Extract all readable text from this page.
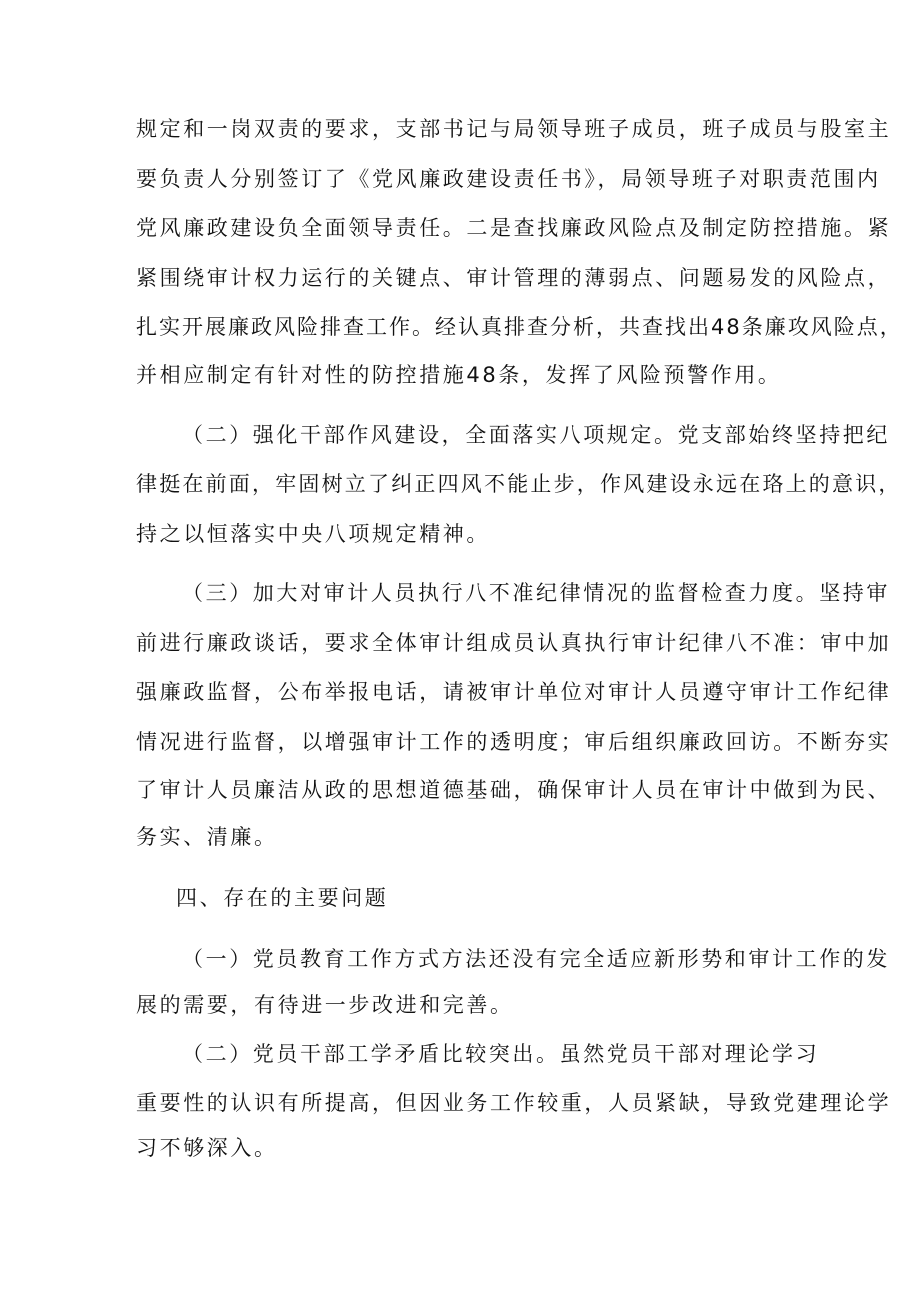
规定和一岗双责的要求，支部书记与局领导班子成员，班子成员与股室主
要负责人分别签订了《党风廉政建设责任书》，局领导班子对职责范围内
党风廉政建设负全面领导责任。二是查找廉政风险点及制定防控措施。紧
紧围绕审计权力运行的关键点、审计管理的薄弱点、问题易发的风险点，
扎实开展廉政风险排查工作。经认真排查分析，共查找出48条廉攻风险点，
并相应制定有针对性的防控措施48条，发挥了风险预警作用。
（二）强化干部作风建设，全面落实八项规定。党支部始终坚持把纪
律挺在前面，牢固树立了纠正四风不能止步，作风建设永远在珞上的意识，
持之以恒落实中央八项规定精神。
（三）加大对审计人员执行八不准纪律情况的监督检查力度。坚持审
前进行廉政谈话，要求全体审计组成员认真执行审计纪律八不准：审中加
强廉政监督，公布举报电话，请被审计单位对审计人员遵守审计工作纪律
情况进行监督，以增强审计工作的透明度；审后组织廉政回访。不断夯实
了审计人员廉洁从政的思想道德基础，确保审计人员在审计中做到为民、
务实、清廉。
四、存在的主要问题
（一）党员教育工作方式方法还没有完全适应新形势和审计工作的发
展的需要，有待进一步改进和完善。
（二）党员干部工学矛盾比较突出。虽然党员干部对理论学习
重要性的认识有所提高，但因业务工作较重，人员紧缺，导致党建理论学
习不够深入。
